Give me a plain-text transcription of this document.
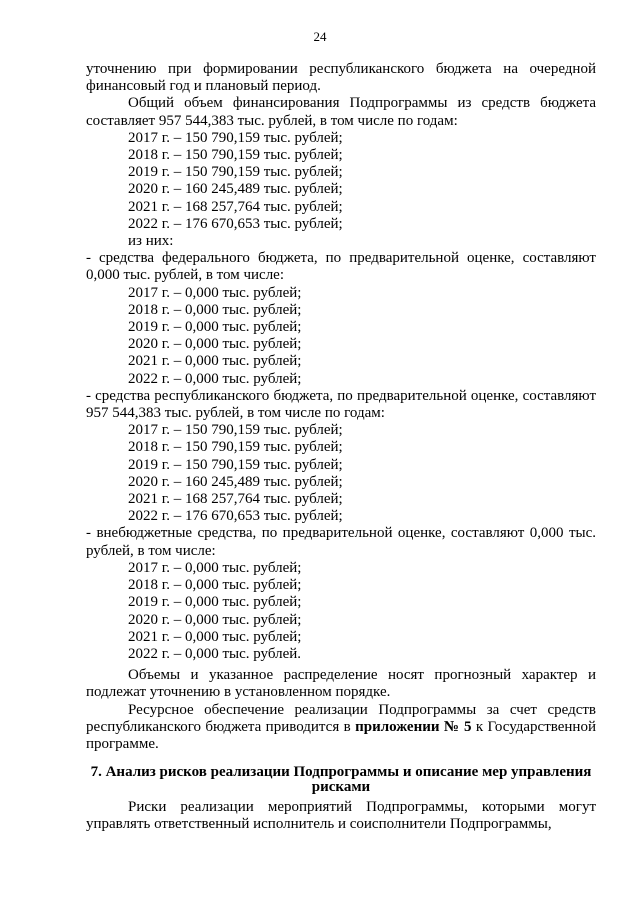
24

уточнению при формировании республиканского бюджета на очередной финансовый год и плановый период.

Общий объем финансирования Подпрограммы из средств бюджета составляет 957 544,383 тыс. рублей, в том числе по годам:

2017 г. – 150 790,159 тыс. рублей;

2018 г. – 150 790,159 тыс. рублей;

2019 г. – 150 790,159 тыс. рублей;

2020 г. – 160 245,489 тыс. рублей;

2021 г. – 168 257,764 тыс. рублей;

2022 г. – 176 670,653 тыс. рублей;

из них:

- средства федерального бюджета, по предварительной оценке, составляют 0,000 тыс. рублей, в том числе:

2017 г. – 0,000 тыс. рублей;

2018 г. – 0,000 тыс. рублей;

2019 г. – 0,000 тыс. рублей;

2020 г. – 0,000 тыс. рублей;

2021 г. – 0,000 тыс. рублей;

2022 г. – 0,000 тыс. рублей;

- средства республиканского бюджета, по предварительной оценке, составляют 957 544,383 тыс. рублей, в том числе по годам:

2017 г. – 150 790,159 тыс. рублей;

2018 г. – 150 790,159 тыс. рублей;

2019 г. – 150 790,159 тыс. рублей;

2020 г. – 160 245,489 тыс. рублей;

2021 г. – 168 257,764 тыс. рублей;

2022 г. – 176 670,653 тыс. рублей;

- внебюджетные средства, по предварительной оценке, составляют 0,000 тыс. рублей, в том числе:

2017 г. – 0,000 тыс. рублей;

2018 г. – 0,000 тыс. рублей;

2019 г. – 0,000 тыс. рублей;

2020 г. – 0,000 тыс. рублей;

2021 г. – 0,000 тыс. рублей;

2022 г. – 0,000 тыс. рублей.

Объемы и указанное распределение носят прогнозный характер и подлежат уточнению в установленном порядке.

Ресурсное обеспечение реализации Подпрограммы за счет средств республиканского бюджета приводится в приложении № 5 к Государственной программе.

7. Анализ рисков реализации Подпрограммы и описание мер управления рисками

Риски реализации мероприятий Подпрограммы, которыми могут управлять ответственный исполнитель и соисполнители Подпрограммы,
